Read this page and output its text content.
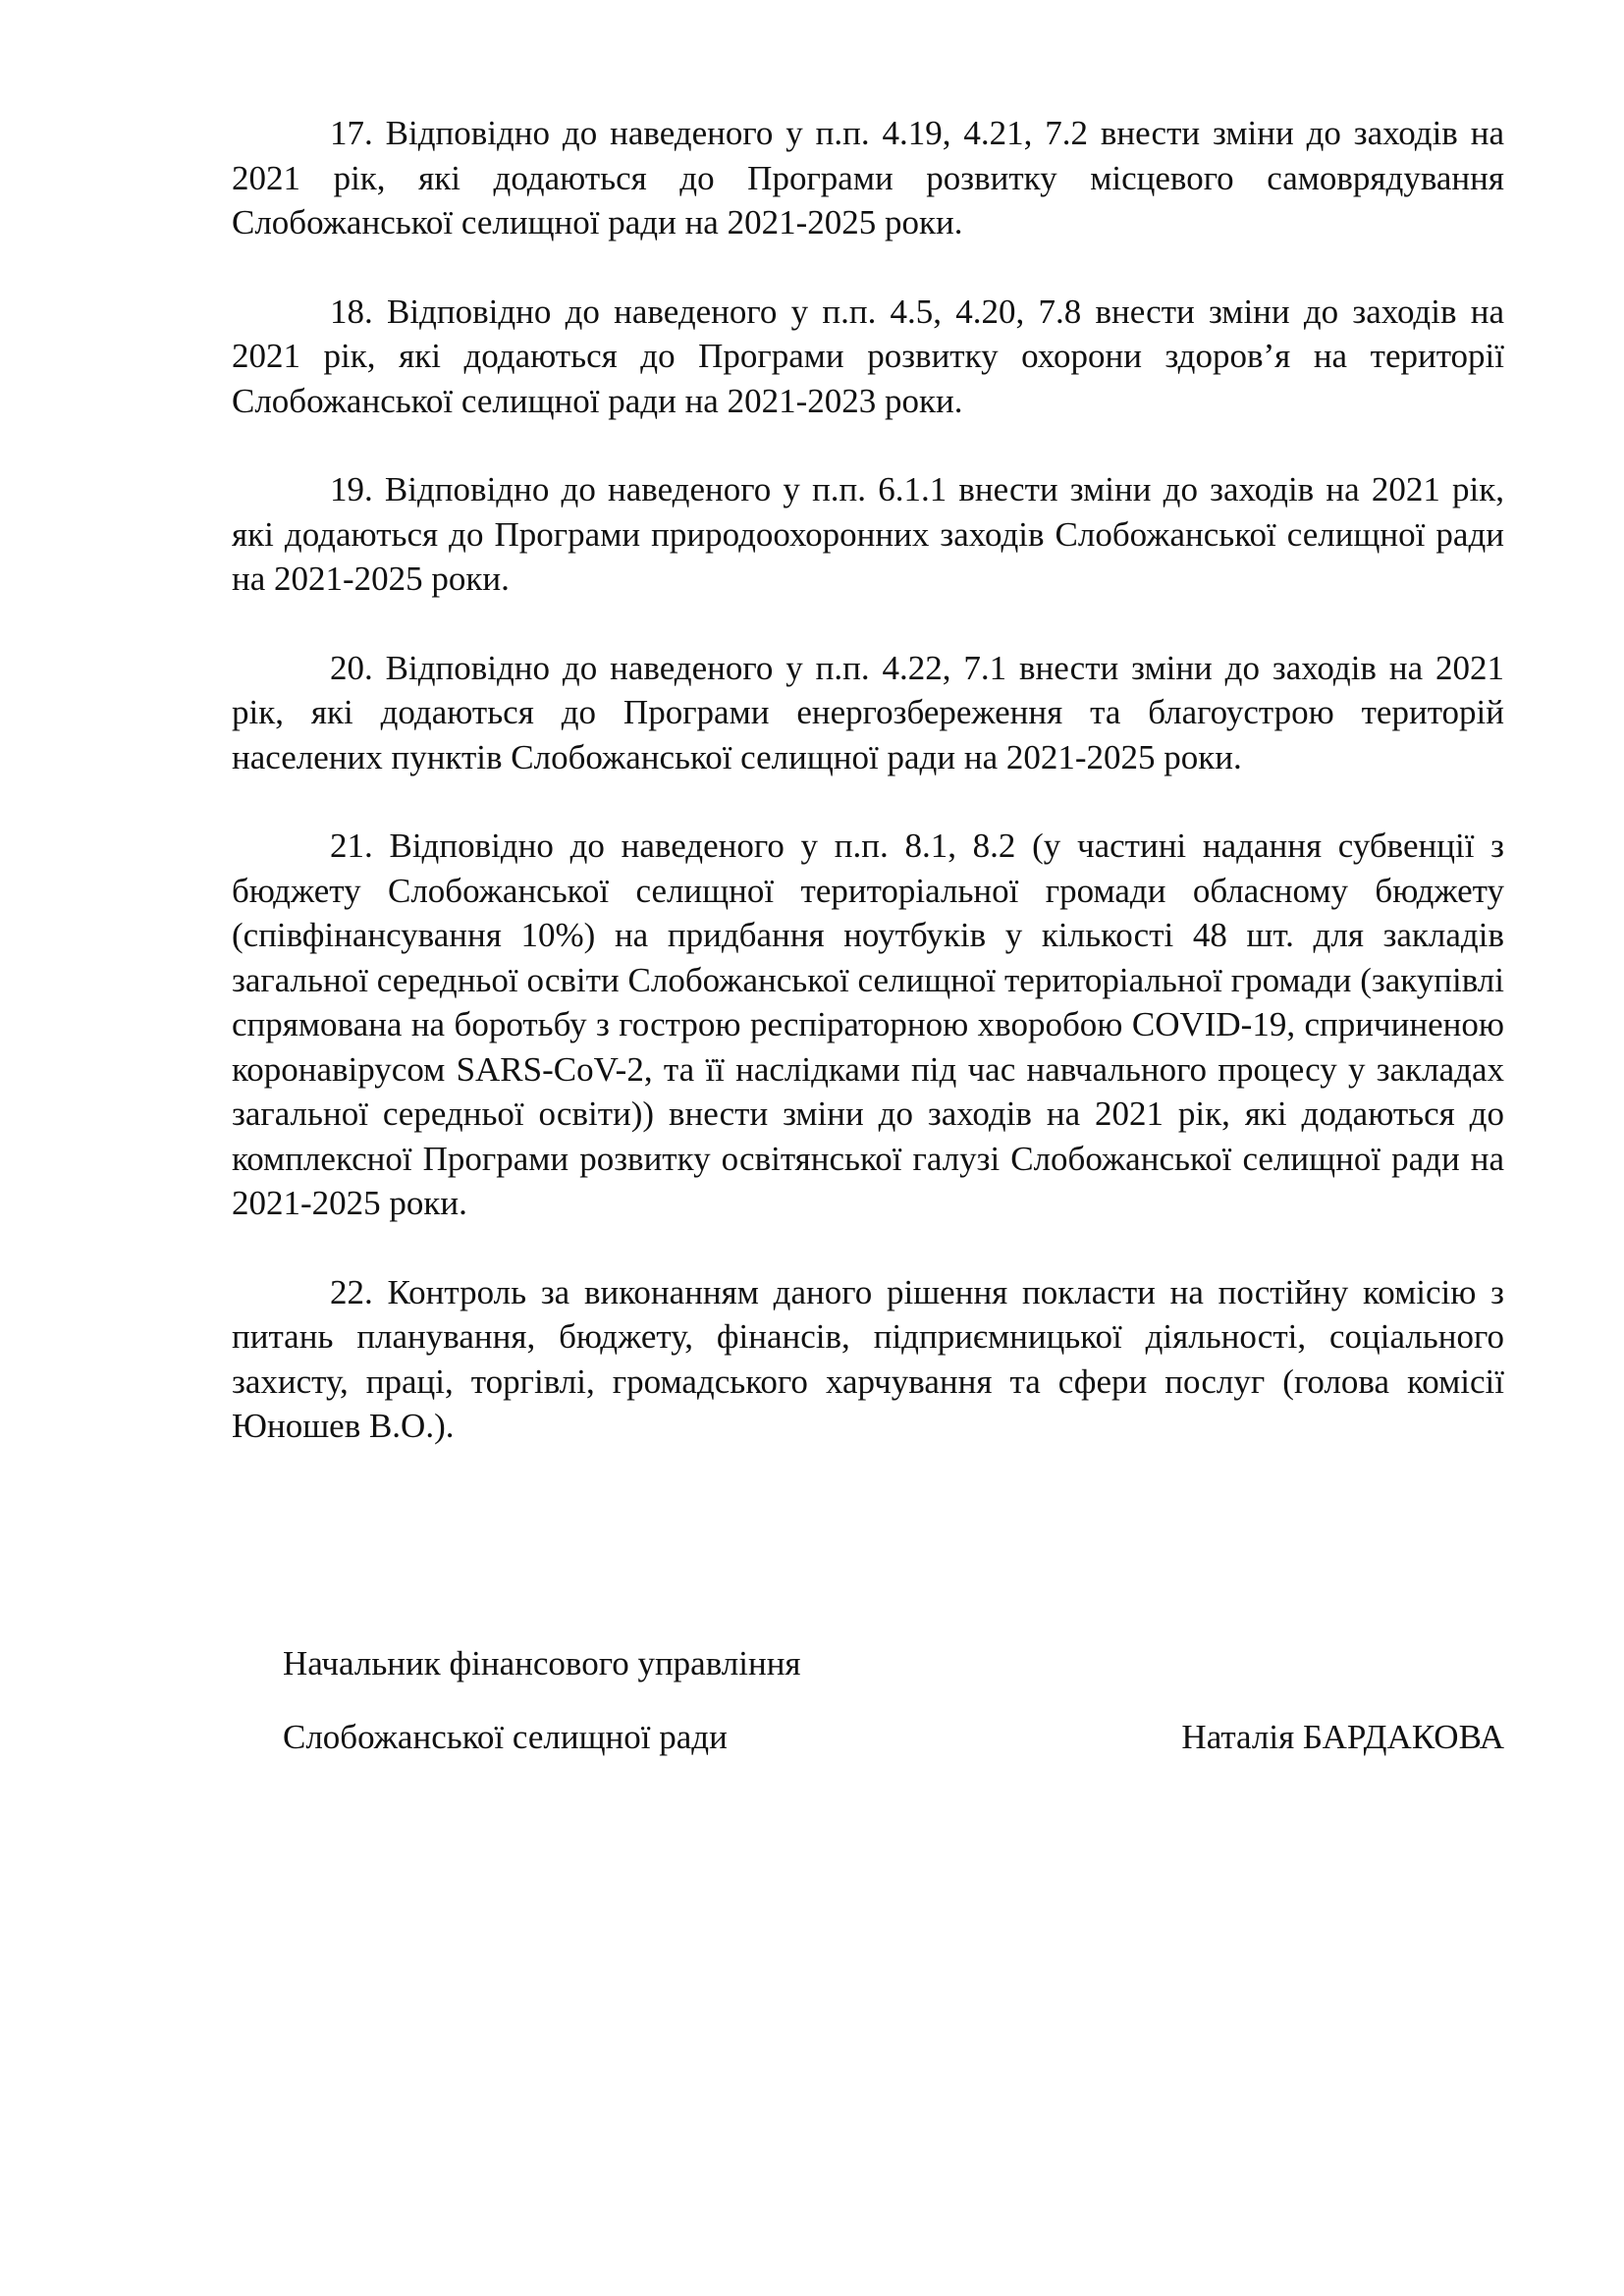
17. Відповідно до наведеного у п.п. 4.19, 4.21, 7.2 внести зміни до заходів на 2021 рік, які додаються до Програми розвитку місцевого самоврядування Слобожанської селищної ради на 2021-2025 роки.

18. Відповідно до наведеного у п.п. 4.5, 4.20, 7.8 внести зміни до заходів на 2021 рік, які додаються до Програми розвитку охорони здоров’я на території Слобожанської селищної ради на 2021-2023 роки.

19. Відповідно до наведеного у п.п. 6.1.1 внести зміни до заходів на 2021 рік, які додаються до Програми природоохоронних заходів Слобожанської селищної ради на 2021-2025 роки.

20. Відповідно до наведеного у п.п. 4.22, 7.1 внести зміни до заходів на 2021 рік, які додаються до Програми енергозбереження та благоустрою територій населених пунктів Слобожанської селищної ради на 2021-2025 роки.

21. Відповідно до наведеного у п.п. 8.1, 8.2 (у частині надання субвенції з бюджету Слобожанської селищної територіальної громади обласному бюджету (співфінансування 10%) на придбання ноутбуків у кількості 48 шт. для закладів загальної середньої освіти Слобожанської селищної територіальної громади (закупівлі спрямована на боротьбу з гострою респіраторною хворобою COVID-19, спричиненою коронавірусом SARS-CoV-2, та її наслідками під час навчального процесу у закладах загальної середньої освіти)) внести зміни до заходів на 2021 рік, які додаються до комплексної Програми розвитку освітянської галузі Слобожанської селищної ради на 2021-2025 роки.

22. Контроль за виконанням даного рішення покласти на постійну комісію з питань планування, бюджету, фінансів, підприємницької діяльності, соціального захисту, праці, торгівлі, громадського харчування та сфери послуг (голова комісії Юношев В.О.).

Начальник фінансового управління
Слобожанської селищної ради	Наталія БАРДАКОВА
